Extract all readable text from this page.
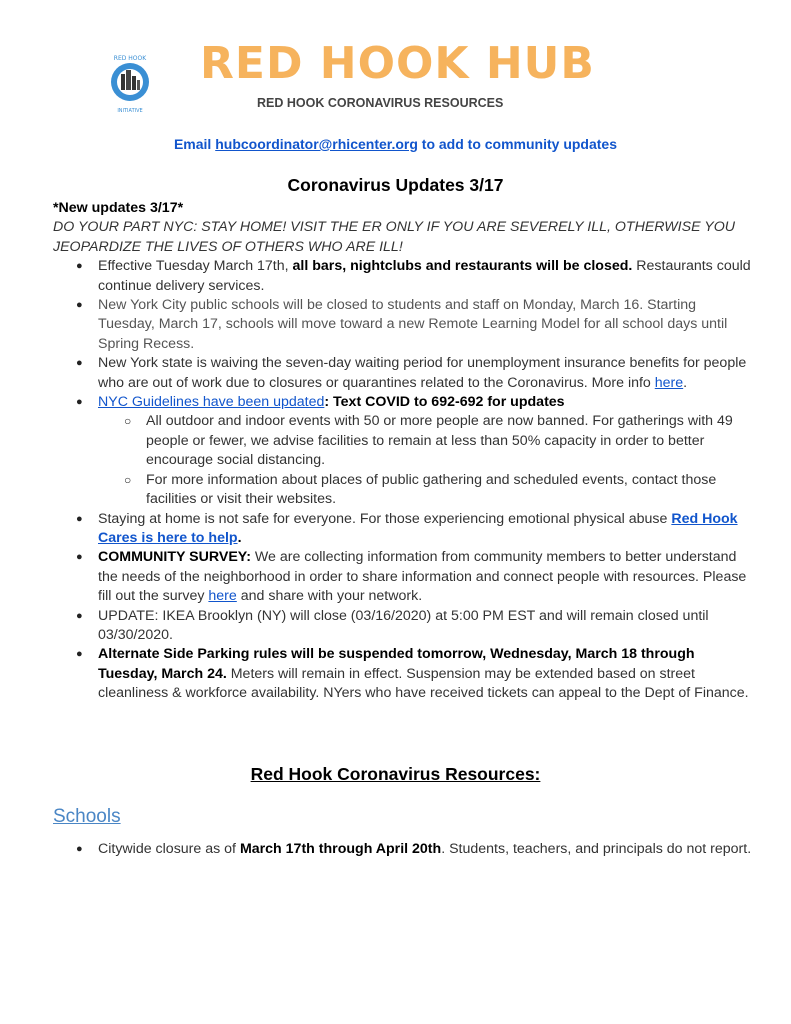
RED HOOK
INITIATIVE
RED HOOK HUB
RED HOOK CORONAVIRUS RESOURCES
Email hubcoordinator@rhicenter.org to add to community updates
Coronavirus Updates 3/17

*New updates 3/17*

DO YOUR PART NYC: STAY HOME! VISIT THE ER ONLY IF YOU ARE SEVERELY ILL, OTHERWISE YOU JEOPARDIZE THE LIVES OF OTHERS WHO ARE ILL!

● Effective Tuesday March 17th, all bars, nightclubs and restaurants will be closed. Restaurants could continue delivery services.
● New York City public schools will be closed to students and staff on Monday, March 16. Starting Tuesday, March 17, schools will move toward a new Remote Learning Model for all school days until Spring Recess.
● New York state is waiving the seven-day waiting period for unemployment insurance benefits for people who are out of work due to closures or quarantines related to the Coronavirus. More info here.
● NYC Guidelines have been updated: Text COVID to 692-692 for updates
○ All outdoor and indoor events with 50 or more people are now banned. For gatherings with 49 people or fewer, we advise facilities to remain at less than 50% capacity in order to better encourage social distancing.
○ For more information about places of public gathering and scheduled events, contact those facilities or visit their websites.
● Staying at home is not safe for everyone. For those experiencing emotional physical abuse Red Hook Cares is here to help.
● COMMUNITY SURVEY: We are collecting information from community members to better understand the needs of the neighborhood in order to share information and connect people with resources. Please fill out the survey here and share with your network.
● UPDATE: IKEA Brooklyn (NY) will close (03/16/2020) at 5:00 PM EST and will remain closed until 03/30/2020.
● Alternate Side Parking rules will be suspended tomorrow, Wednesday, March 18 through Tuesday, March 24. Meters will remain in effect. Suspension may be extended based on street cleanliness & workforce availability. NYers who have received tickets can appeal to the Dept of Finance.
Red Hook Coronavirus Resources:
Schools
● Citywide closure as of March 17th through April 20th. Students, teachers, and principals do not report.
